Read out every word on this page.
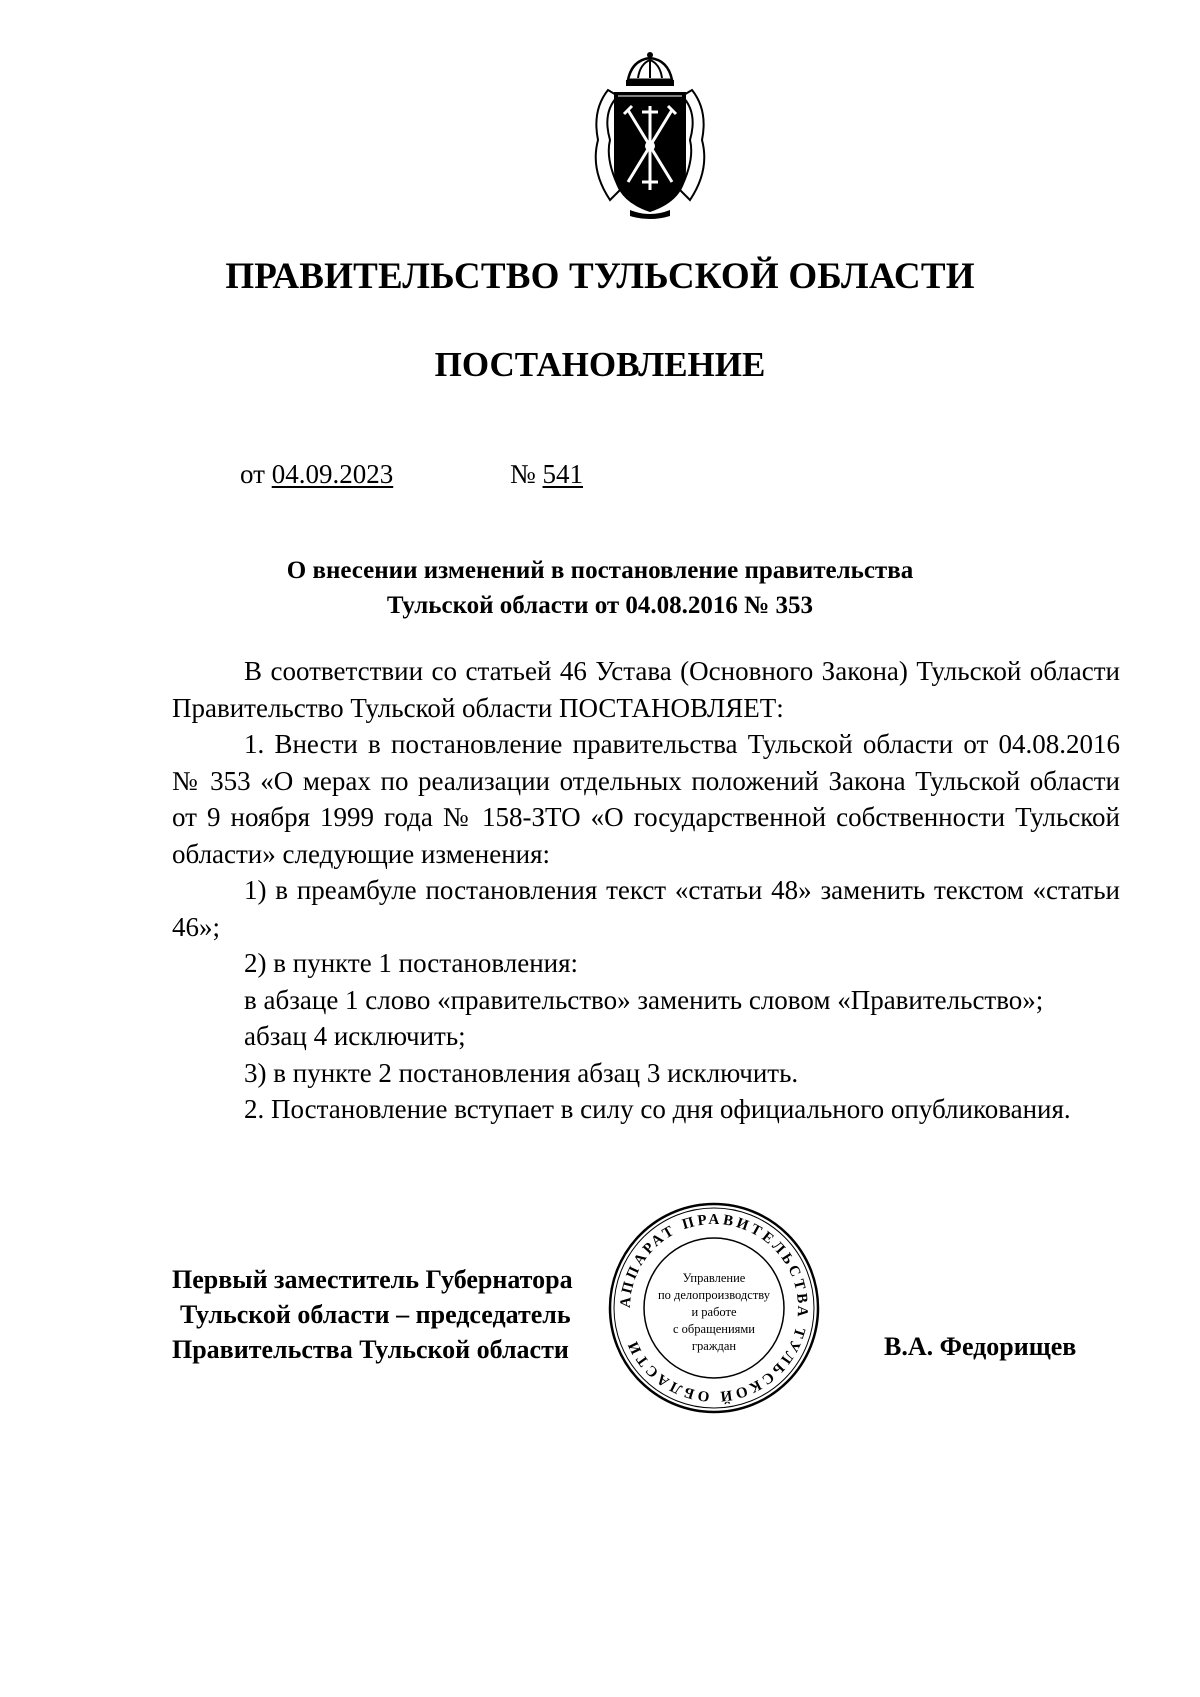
ПРАВИТЕЛЬСТВО ТУЛЬСКОЙ ОБЛАСТИ
ПОСТАНОВЛЕНИЕ
от 04.09.2023	№ 541
О внесении изменений в постановление правительства
Тульской области от 04.08.2016 № 353

В соответствии со статьей 46 Устава (Основного Закона) Тульской области Правительство Тульской области ПОСТАНОВЛЯЕТ:

1. Внести в постановление правительства Тульской области от 04.08.2016 № 353 «О мерах по реализации отдельных положений Закона Тульской области от 9 ноября 1999 года № 158-ЗТО «О государственной собственности Тульской области» следующие изменения:

1) в преамбуле постановления текст «статьи 48» заменить текстом «статьи 46»;

2) в пункте 1 постановления:

в абзаце 1 слово «правительство» заменить словом «Правительство»;

абзац 4 исключить;

3) в пункте 2 постановления абзац 3 исключить.

2. Постановление вступает в силу со дня официального опубликования.

Первый заместитель Губернатора
Тульской области – председатель
Правительства Тульской области	В.А. Федорищев
АППАРАТ ПРАВИТЕЛЬСТВА ТУЛЬСКОЙ ОБЛАСТИ
Управление
по делопроизводству
и работе
с обращениями
граждан
